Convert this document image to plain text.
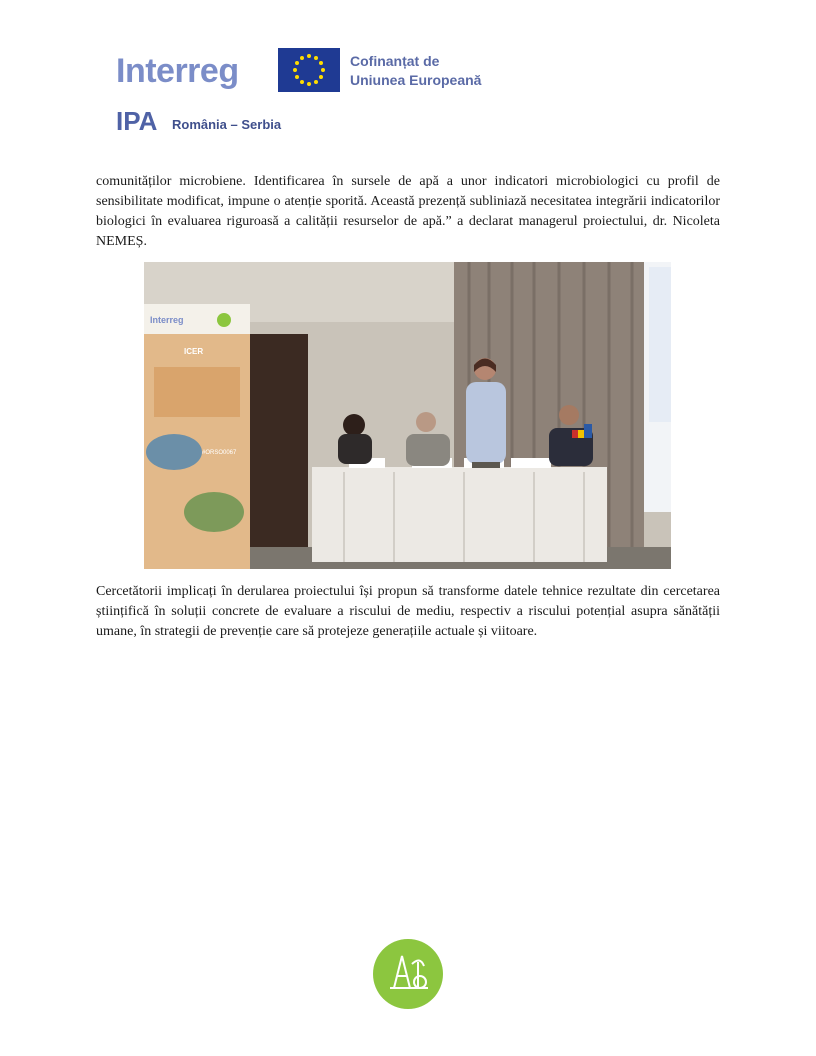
Interreg	Cofinanțat de
Uniunea Europeană
IPA România – Serbia

comunităților microbiene. Identificarea în sursele de apă a unor indicatori microbiologici cu profil de sensibilitate modificat, impune o atenție sporită. Această prezență subliniază necesitatea integrării indicatorilor biologici în evaluarea riguroasă a calității resurselor de apă.” a declarat managerul proiectului, dr. Nicoleta NEMEȘ.

Interreg
ICER
#ORSO0067

Cercetătorii implicați în derularea proiectului își propun să transforme datele tehnice rezultate din cercetarea științifică în soluții concrete de evaluare a riscului de mediu, respectiv a riscului potențial asupra sănătății umane, în strategii de prevenție care să protejeze generațiile actuale și viitoare.
